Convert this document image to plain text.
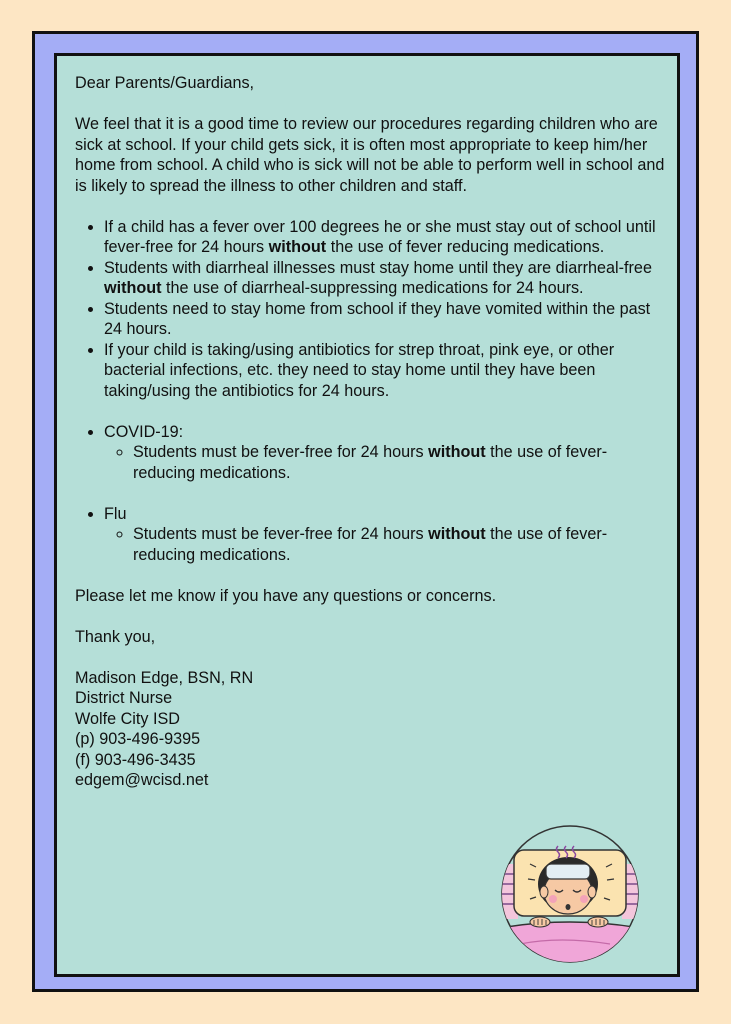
Dear Parents/Guardians,

We feel that it is a good time to review our procedures regarding children who are sick at school. If your child gets sick, it is often most appropriate to keep him/her home from school. A child who is sick will not be able to perform well in school and is likely to spread the illness to other children and staff.

• If a child has a fever over 100 degrees he or she must stay out of school until fever-free for 24 hours without the use of fever reducing medications.
• Students with diarrheal illnesses must stay home until they are diarrheal-free without the use of diarrheal-suppressing medications for 24 hours.
• Students need to stay home from school if they have vomited within the past 24 hours.
• If your child is taking/using antibiotics for strep throat, pink eye, or other bacterial infections, etc. they need to stay home until they have been taking/using the antibiotics for 24 hours.
• COVID-19:
◦ Students must be fever-free for 24 hours without the use of fever-reducing medications.
• Flu
◦ Students must be fever-free for 24 hours without the use of fever-reducing medications.

Please let me know if you have any questions or concerns.

Thank you,

Madison Edge, BSN, RN

District Nurse

Wolfe City ISD

(p) 903-496-9395

(f) 903-496-3435

edgem@wcisd.net
